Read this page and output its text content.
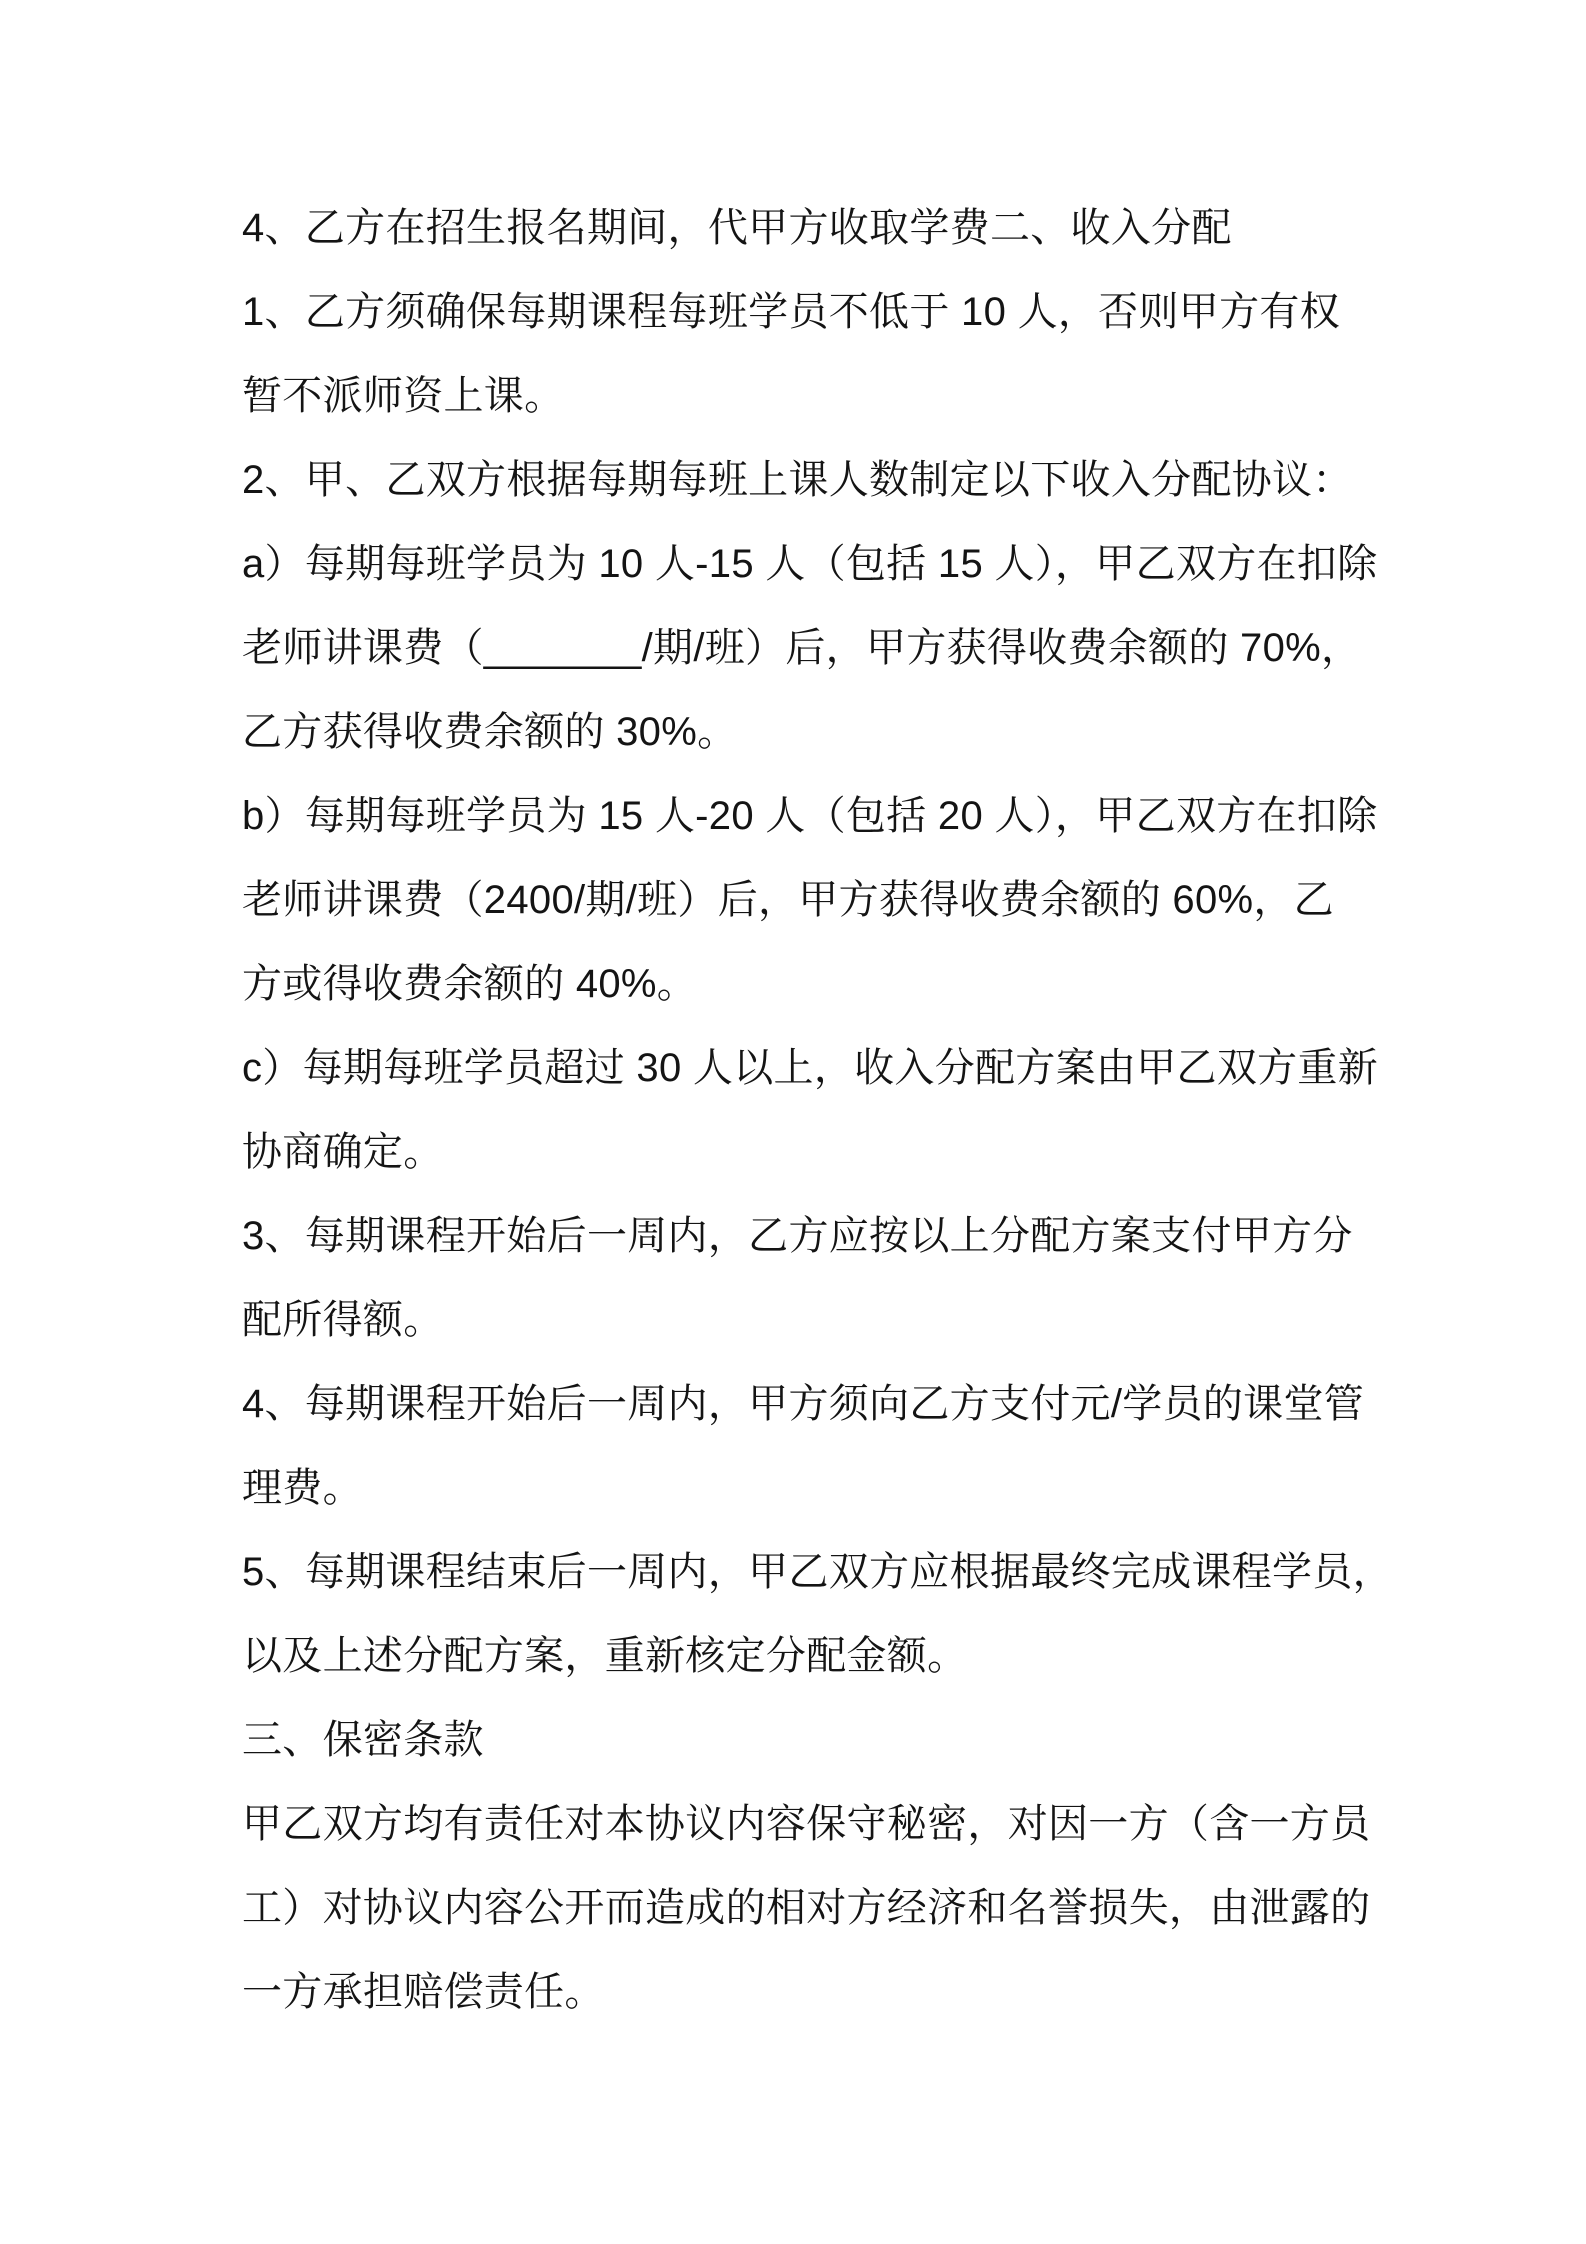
4、乙方在招生报名期间，代甲方收取学费二、收入分配
1、乙方须确保每期课程每班学员不低于 10 人，否则甲方有权
暂不派师资上课。
2、甲、乙双方根据每期每班上课人数制定以下收入分配协议：
a）每期每班学员为 10 人-15 人（包括 15 人），甲乙双方在扣除
老师讲课费（_______/期/班）后，甲方获得收费余额的 70%，
乙方获得收费余额的 30%。
b）每期每班学员为 15 人-20 人（包括 20 人），甲乙双方在扣除
老师讲课费（2400/期/班）后，甲方获得收费余额的 60%，乙
方或得收费余额的 40%。
c）每期每班学员超过 30 人以上，收入分配方案由甲乙双方重新
协商确定。
3、每期课程开始后一周内，乙方应按以上分配方案支付甲方分
配所得额。
4、每期课程开始后一周内，甲方须向乙方支付元/学员的课堂管
理费。
5、每期课程结束后一周内，甲乙双方应根据最终完成课程学员，
以及上述分配方案，重新核定分配金额。
三、保密条款
甲乙双方均有责任对本协议内容保守秘密，对因一方（含一方员
工）对协议内容公开而造成的相对方经济和名誉损失，由泄露的
一方承担赔偿责任。
